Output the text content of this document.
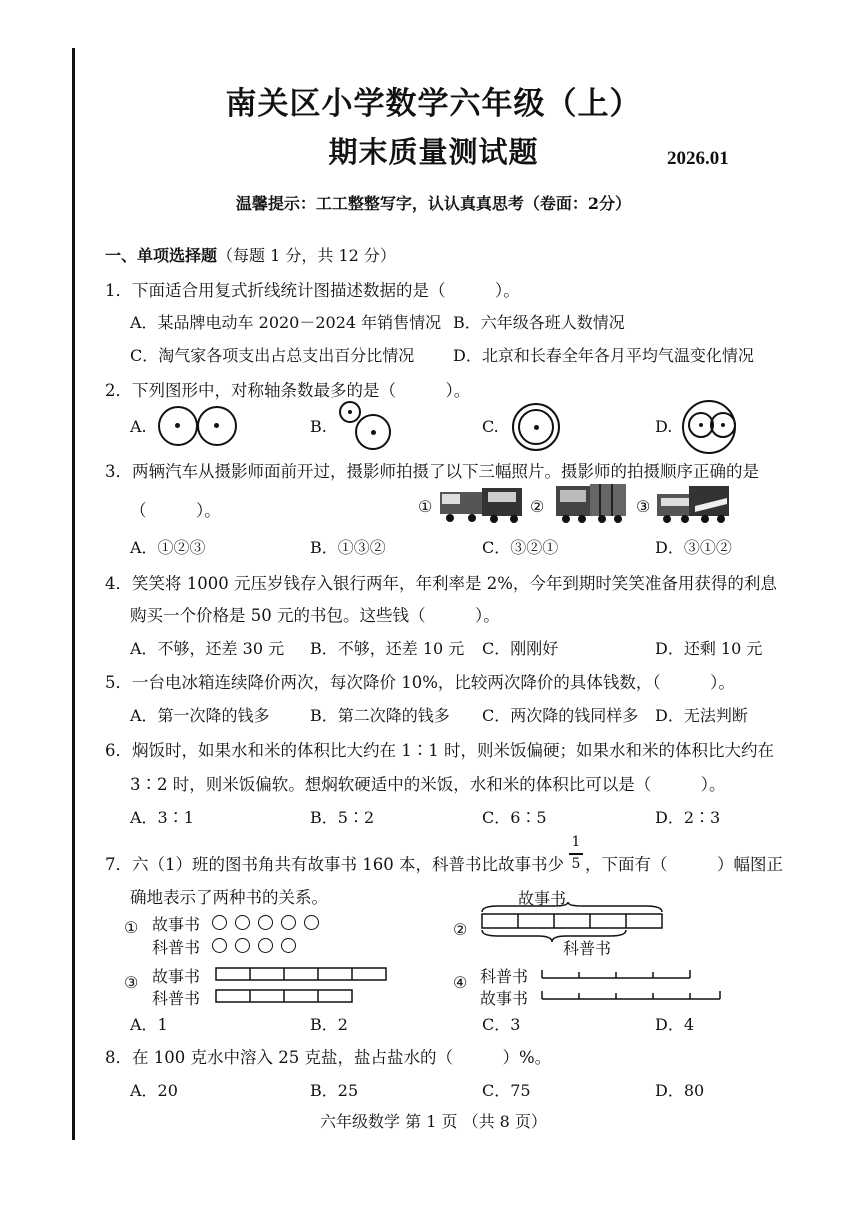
南关区小学数学六年级（上）
期末质量测试题	2026.01
温馨提示：工工整整写字，认认真真思考（卷面：2分）
一、单项选择题（每题 1 分，共 12 分）
1．下面适合用复式折线统计图描述数据的是（　　　）。
A．某品牌电动车 2020－2024 年销售情况 B．六年级各班人数情况
C．淘气家各项支出占总支出百分比情况 D．北京和长春全年各月平均气温变化情况
2．下列图形中，对称轴条数最多的是（　　　）。
A.	B.	C.	D.
3．两辆汽车从摄影师面前开过，摄影师拍摄了以下三幅照片。摄影师的拍摄顺序正确的是
（　　　）。	①	②	③
A．①②③	B．①③②	C．③②①	D．③①②
4．笑笑将 1000 元压岁钱存入银行两年，年利率是 2%，今年到期时笑笑准备用获得的利息
购买一个价格是 50 元的书包。这些钱（　　　）。
A．不够，还差 30 元 B．不够，还差 10 元 C．刚刚好	D．还剩 10 元
5．一台电冰箱连续降价两次，每次降价 10%，比较两次降价的具体钱数，（　　　）。
A．第一次降的钱多	B．第二次降的钱多 C．两次降的钱同样多 D．无法判断
6．焖饭时，如果水和米的体积比大约在 1∶1 时，则米饭偏硬；如果水和米的体积比大约在
3∶2 时，则米饭偏软。想焖软硬适中的米饭，水和米的体积比可以是（　　　）。
A．3∶1	B．5∶2	C．6∶5	D．2∶3
7．六（1）班的图书角共有故事书 160 本，科普书比故事书少
1
5 ，下面有（　　　）幅图正
确地表示了两种书的关系。
① 故事书
科普书
②
故事书
科普书
③ 故事书
科普书
④ 科普书
故事书
A．1	B．2	C．3	D．4
8．在 100 克水中溶入 25 克盐，盐占盐水的（　　　）%。
A．20	B．25	C．75	D．80
六年级数学 第 1 页 （共 8 页）
